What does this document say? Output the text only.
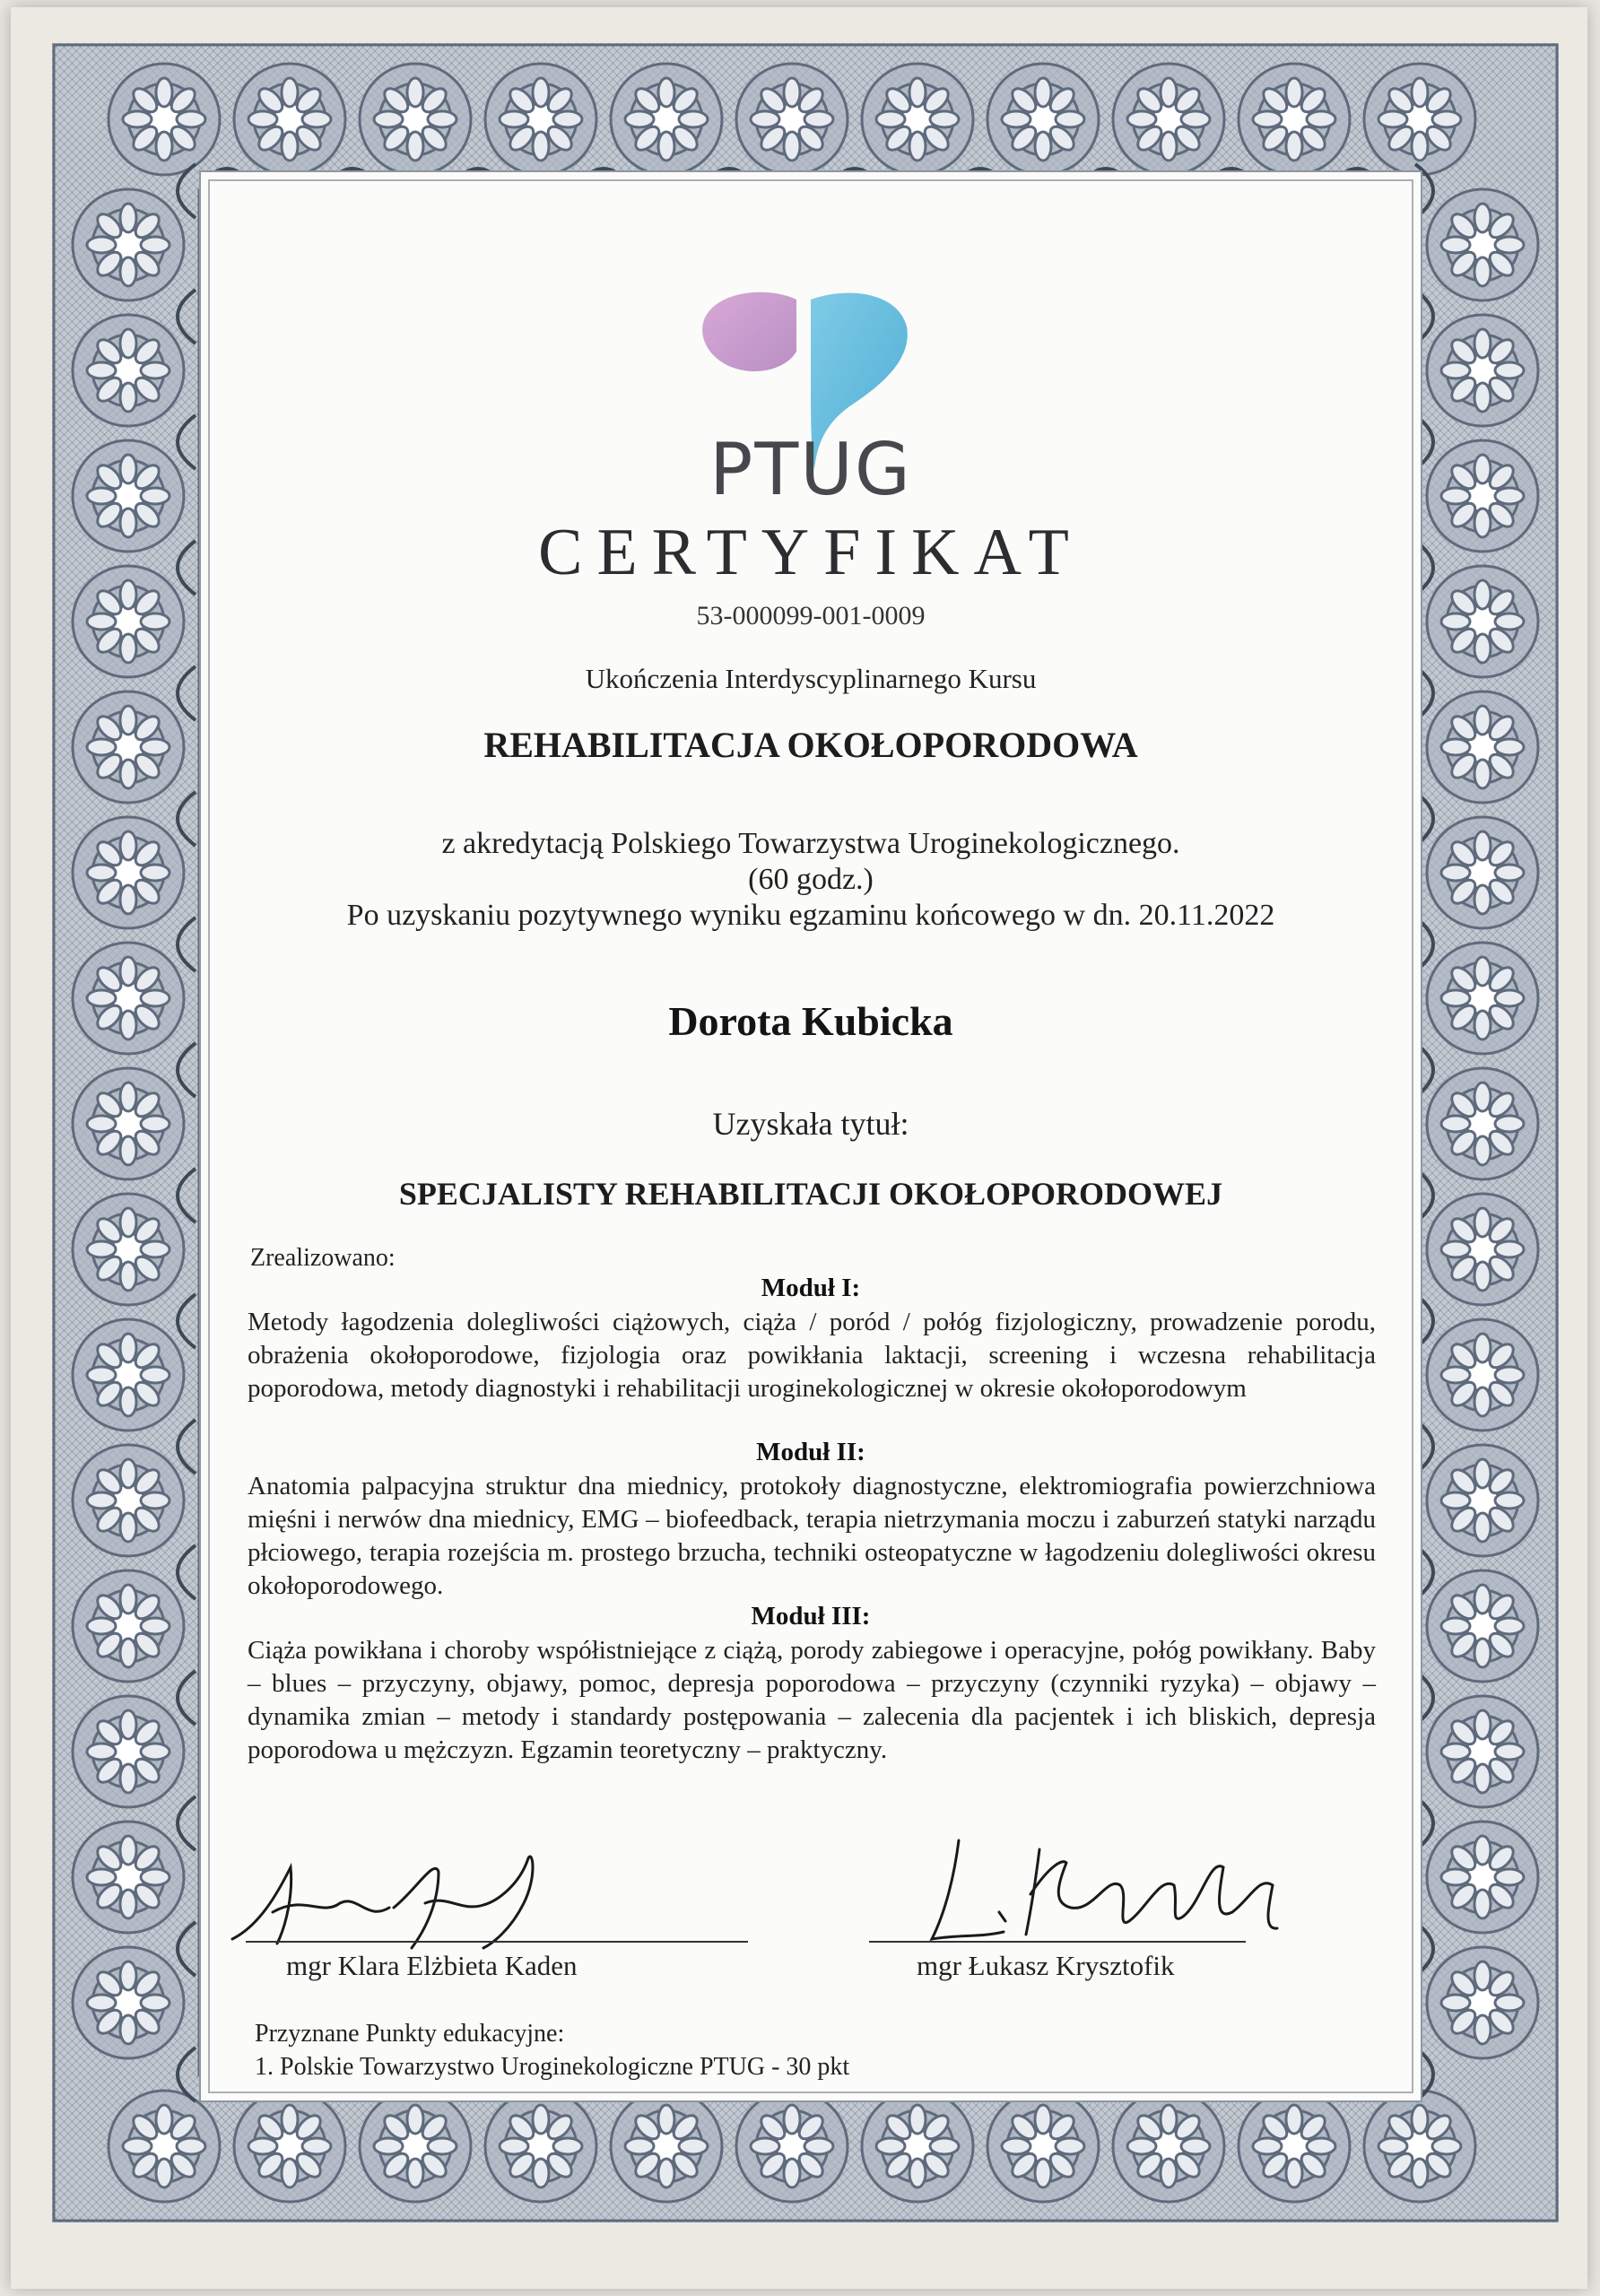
PTUG
CERTYFIKAT
53-000099-001-0009
Ukończenia Interdyscyplinarnego Kursu
REHABILITACJA OKOŁOPORODOWA
z akredytacją Polskiego Towarzystwa Uroginekologicznego.
(60 godz.)
Po uzyskaniu pozytywnego wyniku egzaminu końcowego w dn. 20.11.2022
Dorota Kubicka
Uzyskała tytuł:
SPECJALISTY REHABILITACJI OKOŁOPORODOWEJ
Zrealizowano:
Moduł I:
Metody łagodzenia dolegliwości ciążowych, ciąża / poród / połóg fizjologiczny, prowadzenie porodu, obrażenia okołoporodowe, fizjologia oraz powikłania laktacji, screening i wczesna rehabilitacja poporodowa, metody diagnostyki i rehabilitacji uroginekologicznej w okresie okołoporodowym
Moduł II:
Anatomia palpacyjna struktur dna miednicy, protokoły diagnostyczne, elektromiografia powierzchniowa mięśni i nerwów dna miednicy, EMG – biofeedback, terapia nietrzymania moczu i zaburzeń statyki narządu płciowego, terapia rozejścia m. prostego brzucha, techniki osteopatyczne w łagodzeniu dolegliwości okresu okołoporodowego.
Moduł III:
Ciąża powikłana i choroby współistniejące z ciążą, porody zabiegowe i operacyjne, połóg powikłany. Baby – blues – przyczyny, objawy, pomoc, depresja poporodowa – przyczyny (czynniki ryzyka) – objawy – dynamika zmian – metody i standardy postępowania – zalecenia dla pacjentek i ich bliskich, depresja poporodowa u mężczyzn. Egzamin teoretyczny – praktyczny.
mgr Klara Elżbieta Kaden	mgr Łukasz Krysztofik
Przyznane Punkty edukacyjne:
1. Polskie Towarzystwo Uroginekologiczne PTUG - 30 pkt
